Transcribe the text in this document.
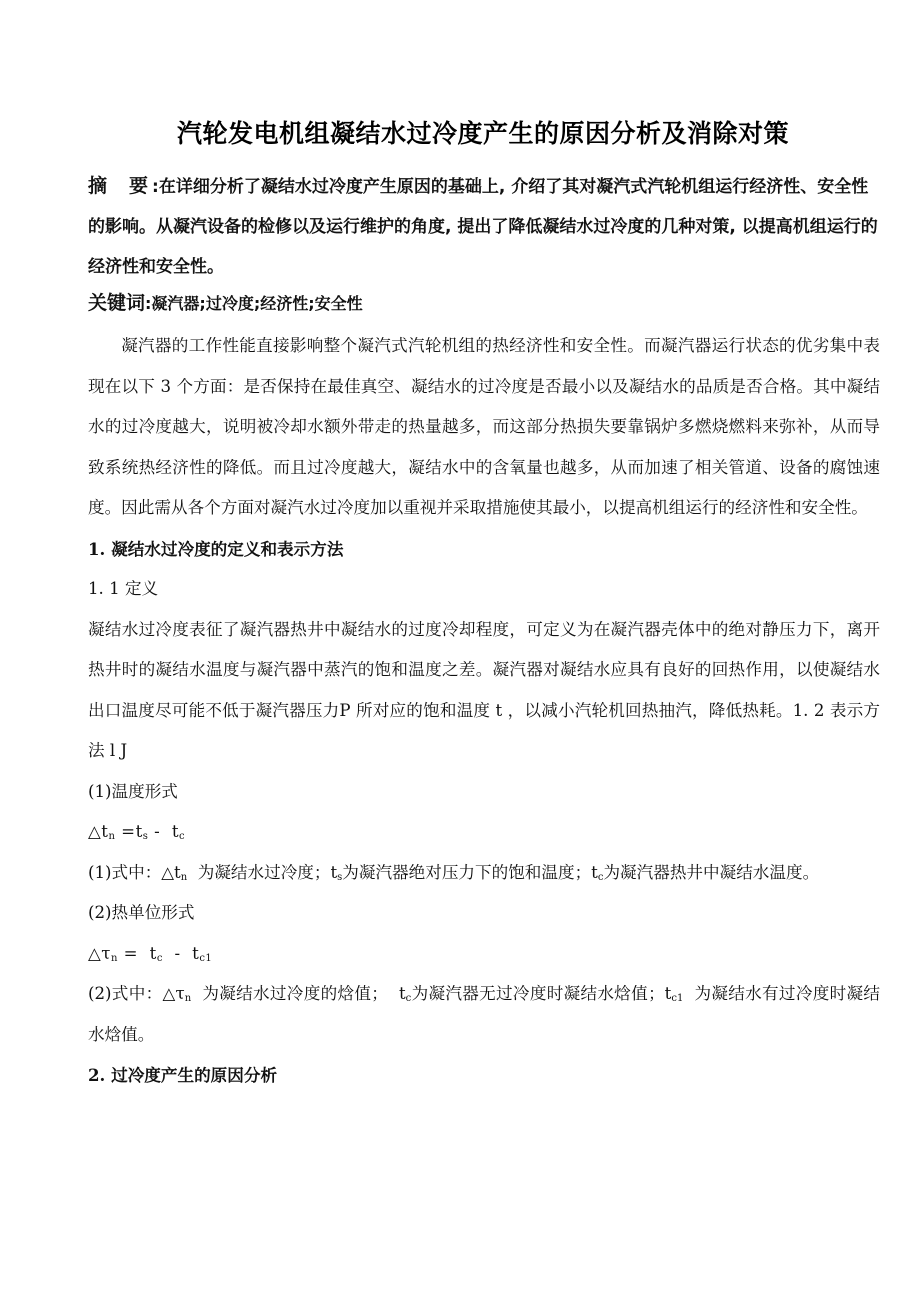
汽轮发电机组凝结水过冷度产生的原因分析及消除对策
摘 要 :在详细分析了凝结水过冷度产生原因的基础上, 介绍了其对凝汽式汽轮机组运行经济性、安全性的影响。从凝汽设备的检修以及运行维护的角度, 提出了降低凝结水过冷度的几种对策, 以提高机组运行的经济性和安全性。
关键词:凝汽器;过冷度;经济性;安全性

凝汽器的工作性能直接影响整个凝汽式汽轮机组的热经济性和安全性。而凝汽器运行状态的优劣集中表现在以下 3 个方面：是否保持在最佳真空、凝结水的过冷度是否最小以及凝结水的品质是否合格。其中凝结水的过冷度越大，说明被冷却水额外带走的热量越多，而这部分热损失要靠锅炉多燃烧燃料来弥补，从而导致系统热经济性的降低。而且过冷度越大，凝结水中的含氧量也越多，从而加速了相关管道、设备的腐蚀速度。因此需从各个方面对凝汽水过冷度加以重视并采取措施使其最小，以提高机组运行的经济性和安全性。

1. 凝结水过冷度的定义和表示方法

1. 1 定义

凝结水过冷度表征了凝汽器热井中凝结水的过度冷却程度，可定义为在凝汽器壳体中的绝对静压力下，离开热井时的凝结水温度与凝汽器中蒸汽的饱和温度之差。凝汽器对凝结水应具有良好的回热作用，以使凝结水出口温度尽可能不低于凝汽器压力P 所对应的饱和温度 t ，以减小汽轮机回热抽汽，降低热耗。1. 2 表示方法 l J

(1)温度形式

$\triangle t_n =t_s - t_c$

(1)式中：$\triangle t_n$  为凝结水过冷度；$t_s$为凝汽器绝对压力下的饱和温度；$t_c$为凝汽器热井中凝结水温度。

(2)热单位形式

$\triangle\tau_n = t_c - t_{c1}$

(2)式中：$\triangle\tau_n$  为凝结水过冷度的焓值；  $t_c$为凝汽器无过冷度时凝结水焓值；$t_{c1}$  为凝结水有过冷度时凝结水焓值。

2. 过冷度产生的原因分析
